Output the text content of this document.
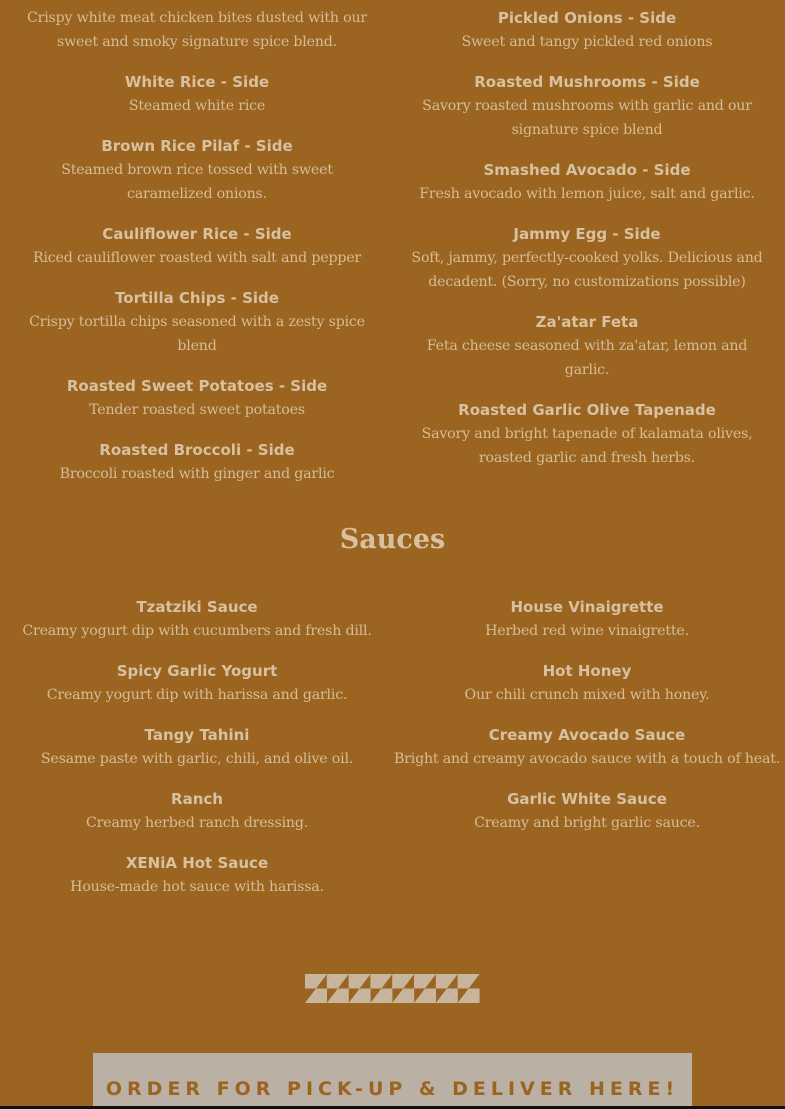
Crispy white meat chicken bites dusted with our sweet and smoky signature spice blend.
White Rice - Side
Steamed white rice
Brown Rice Pilaf - Side
Steamed brown rice tossed with sweet caramelized onions.
Cauliflower Rice - Side
Riced cauliflower roasted with salt and pepper
Tortilla Chips - Side
Crispy tortilla chips seasoned with a zesty spice blend
Roasted Sweet Potatoes - Side
Tender roasted sweet potatoes
Roasted Broccoli - Side
Broccoli roasted with ginger and garlic
Pickled Onions - Side
Sweet and tangy pickled red onions
Roasted Mushrooms - Side
Savory roasted mushrooms with garlic and our signature spice blend
Smashed Avocado - Side
Fresh avocado with lemon juice, salt and garlic.
Jammy Egg - Side
Soft, jammy, perfectly-cooked yolks. Delicious and decadent. (Sorry, no customizations possible)
Za'atar Feta
Feta cheese seasoned with za'atar, lemon and garlic.
Roasted Garlic Olive Tapenade
Savory and bright tapenade of kalamata olives, roasted garlic and fresh herbs.
Sauces
Tzatziki Sauce
Creamy yogurt dip with cucumbers and fresh dill.
Spicy Garlic Yogurt
Creamy yogurt dip with harissa and garlic.
Tangy Tahini
Sesame paste with garlic, chili, and olive oil.
Ranch
Creamy herbed ranch dressing.
XENiA Hot Sauce
House-made hot sauce with harissa.
House Vinaigrette
Herbed red wine vinaigrette.
Hot Honey
Our chili crunch mixed with honey.
Creamy Avocado Sauce
Bright and creamy avocado sauce with a touch of heat.
Garlic White Sauce
Creamy and bright garlic sauce.
ORDER FOR PICK-UP & DELIVER HERE!
